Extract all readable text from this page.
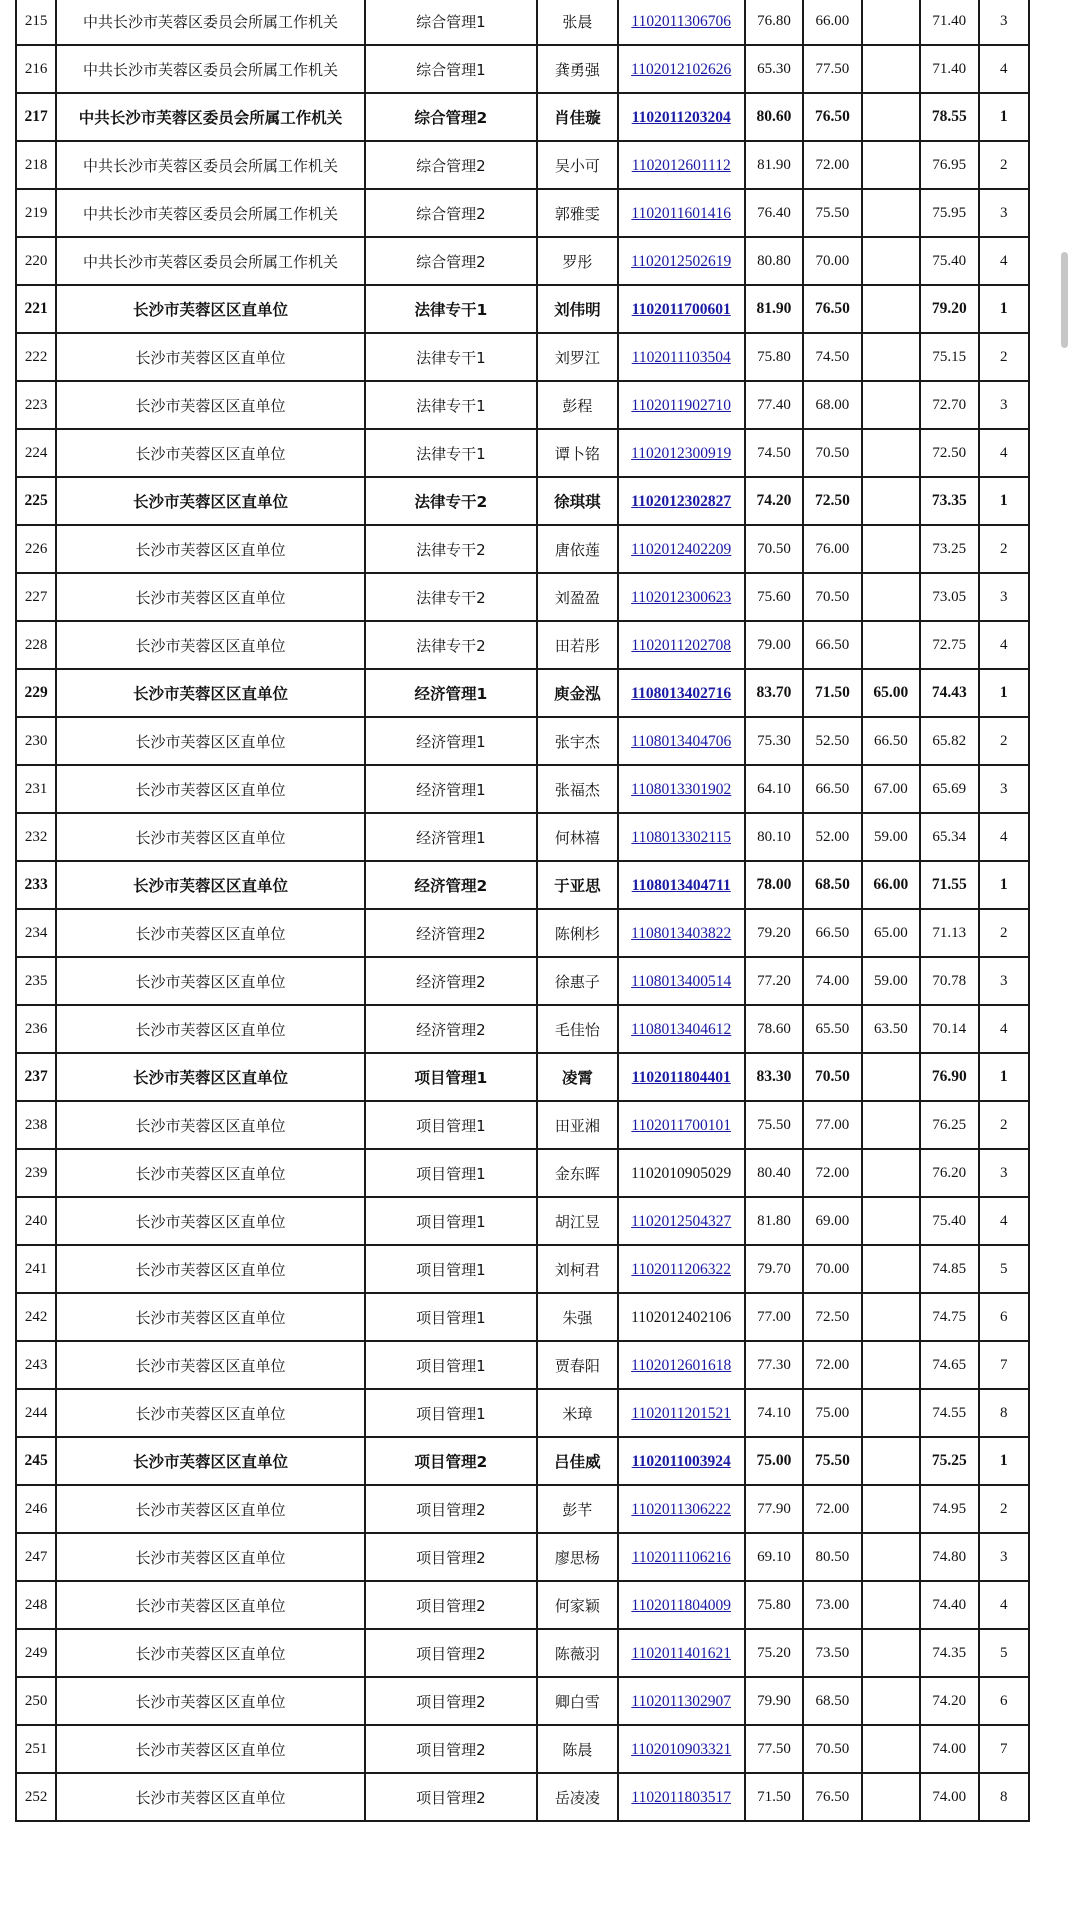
215	中共长沙市芙蓉区委员会所属工作机关	综合管理1	张晨	1102011306706	76.80	66.00		71.40	3
216	中共长沙市芙蓉区委员会所属工作机关	综合管理1	龚勇强	1102012102626	65.30	77.50		71.40	4
217	中共长沙市芙蓉区委员会所属工作机关	综合管理2	肖佳璇	1102011203204	80.60	76.50		78.55	1
218	中共长沙市芙蓉区委员会所属工作机关	综合管理2	吴小可	1102012601112	81.90	72.00		76.95	2
219	中共长沙市芙蓉区委员会所属工作机关	综合管理2	郭雅雯	1102011601416	76.40	75.50		75.95	3
220	中共长沙市芙蓉区委员会所属工作机关	综合管理2	罗彤	1102012502619	80.80	70.00		75.40	4
221	长沙市芙蓉区区直单位	法律专干1	刘伟明	1102011700601	81.90	76.50		79.20	1
222	长沙市芙蓉区区直单位	法律专干1	刘罗江	1102011103504	75.80	74.50		75.15	2
223	长沙市芙蓉区区直单位	法律专干1	彭程	1102011902710	77.40	68.00		72.70	3
224	长沙市芙蓉区区直单位	法律专干1	谭卜铭	1102012300919	74.50	70.50		72.50	4
225	长沙市芙蓉区区直单位	法律专干2	徐琪琪	1102012302827	74.20	72.50		73.35	1
226	长沙市芙蓉区区直单位	法律专干2	唐依莲	1102012402209	70.50	76.00		73.25	2
227	长沙市芙蓉区区直单位	法律专干2	刘盈盈	1102012300623	75.60	70.50		73.05	3
228	长沙市芙蓉区区直单位	法律专干2	田若彤	1102011202708	79.00	66.50		72.75	4
229	长沙市芙蓉区区直单位	经济管理1	庾金泓	1108013402716	83.70	71.50	65.00	74.43	1
230	长沙市芙蓉区区直单位	经济管理1	张宇杰	1108013404706	75.30	52.50	66.50	65.82	2
231	长沙市芙蓉区区直单位	经济管理1	张福杰	1108013301902	64.10	66.50	67.00	65.69	3
232	长沙市芙蓉区区直单位	经济管理1	何林禧	1108013302115	80.10	52.00	59.00	65.34	4
233	长沙市芙蓉区区直单位	经济管理2	于亚思	1108013404711	78.00	68.50	66.00	71.55	1
234	长沙市芙蓉区区直单位	经济管理2	陈俐杉	1108013403822	79.20	66.50	65.00	71.13	2
235	长沙市芙蓉区区直单位	经济管理2	徐惠子	1108013400514	77.20	74.00	59.00	70.78	3
236	长沙市芙蓉区区直单位	经济管理2	毛佳怡	1108013404612	78.60	65.50	63.50	70.14	4
237	长沙市芙蓉区区直单位	项目管理1	凌霄	1102011804401	83.30	70.50		76.90	1
238	长沙市芙蓉区区直单位	项目管理1	田亚湘	1102011700101	75.50	77.00		76.25	2
239	长沙市芙蓉区区直单位	项目管理1	金东晖	1102010905029	80.40	72.00		76.20	3
240	长沙市芙蓉区区直单位	项目管理1	胡江昱	1102012504327	81.80	69.00		75.40	4
241	长沙市芙蓉区区直单位	项目管理1	刘柯君	1102011206322	79.70	70.00		74.85	5
242	长沙市芙蓉区区直单位	项目管理1	朱强	1102012402106	77.00	72.50		74.75	6
243	长沙市芙蓉区区直单位	项目管理1	贾春阳	1102012601618	77.30	72.00		74.65	7
244	长沙市芙蓉区区直单位	项目管理1	米璋	1102011201521	74.10	75.00		74.55	8
245	长沙市芙蓉区区直单位	项目管理2	吕佳威	1102011003924	75.00	75.50		75.25	1
246	长沙市芙蓉区区直单位	项目管理2	彭芊	1102011306222	77.90	72.00		74.95	2
247	长沙市芙蓉区区直单位	项目管理2	廖思杨	1102011106216	69.10	80.50		74.80	3
248	长沙市芙蓉区区直单位	项目管理2	何家颖	1102011804009	75.80	73.00		74.40	4
249	长沙市芙蓉区区直单位	项目管理2	陈薇羽	1102011401621	75.20	73.50		74.35	5
250	长沙市芙蓉区区直单位	项目管理2	卿白雪	1102011302907	79.90	68.50		74.20	6
251	长沙市芙蓉区区直单位	项目管理2	陈晨	1102010903321	77.50	70.50		74.00	7
252	长沙市芙蓉区区直单位	项目管理2	岳凌凌	1102011803517	71.50	76.50		74.00	8
